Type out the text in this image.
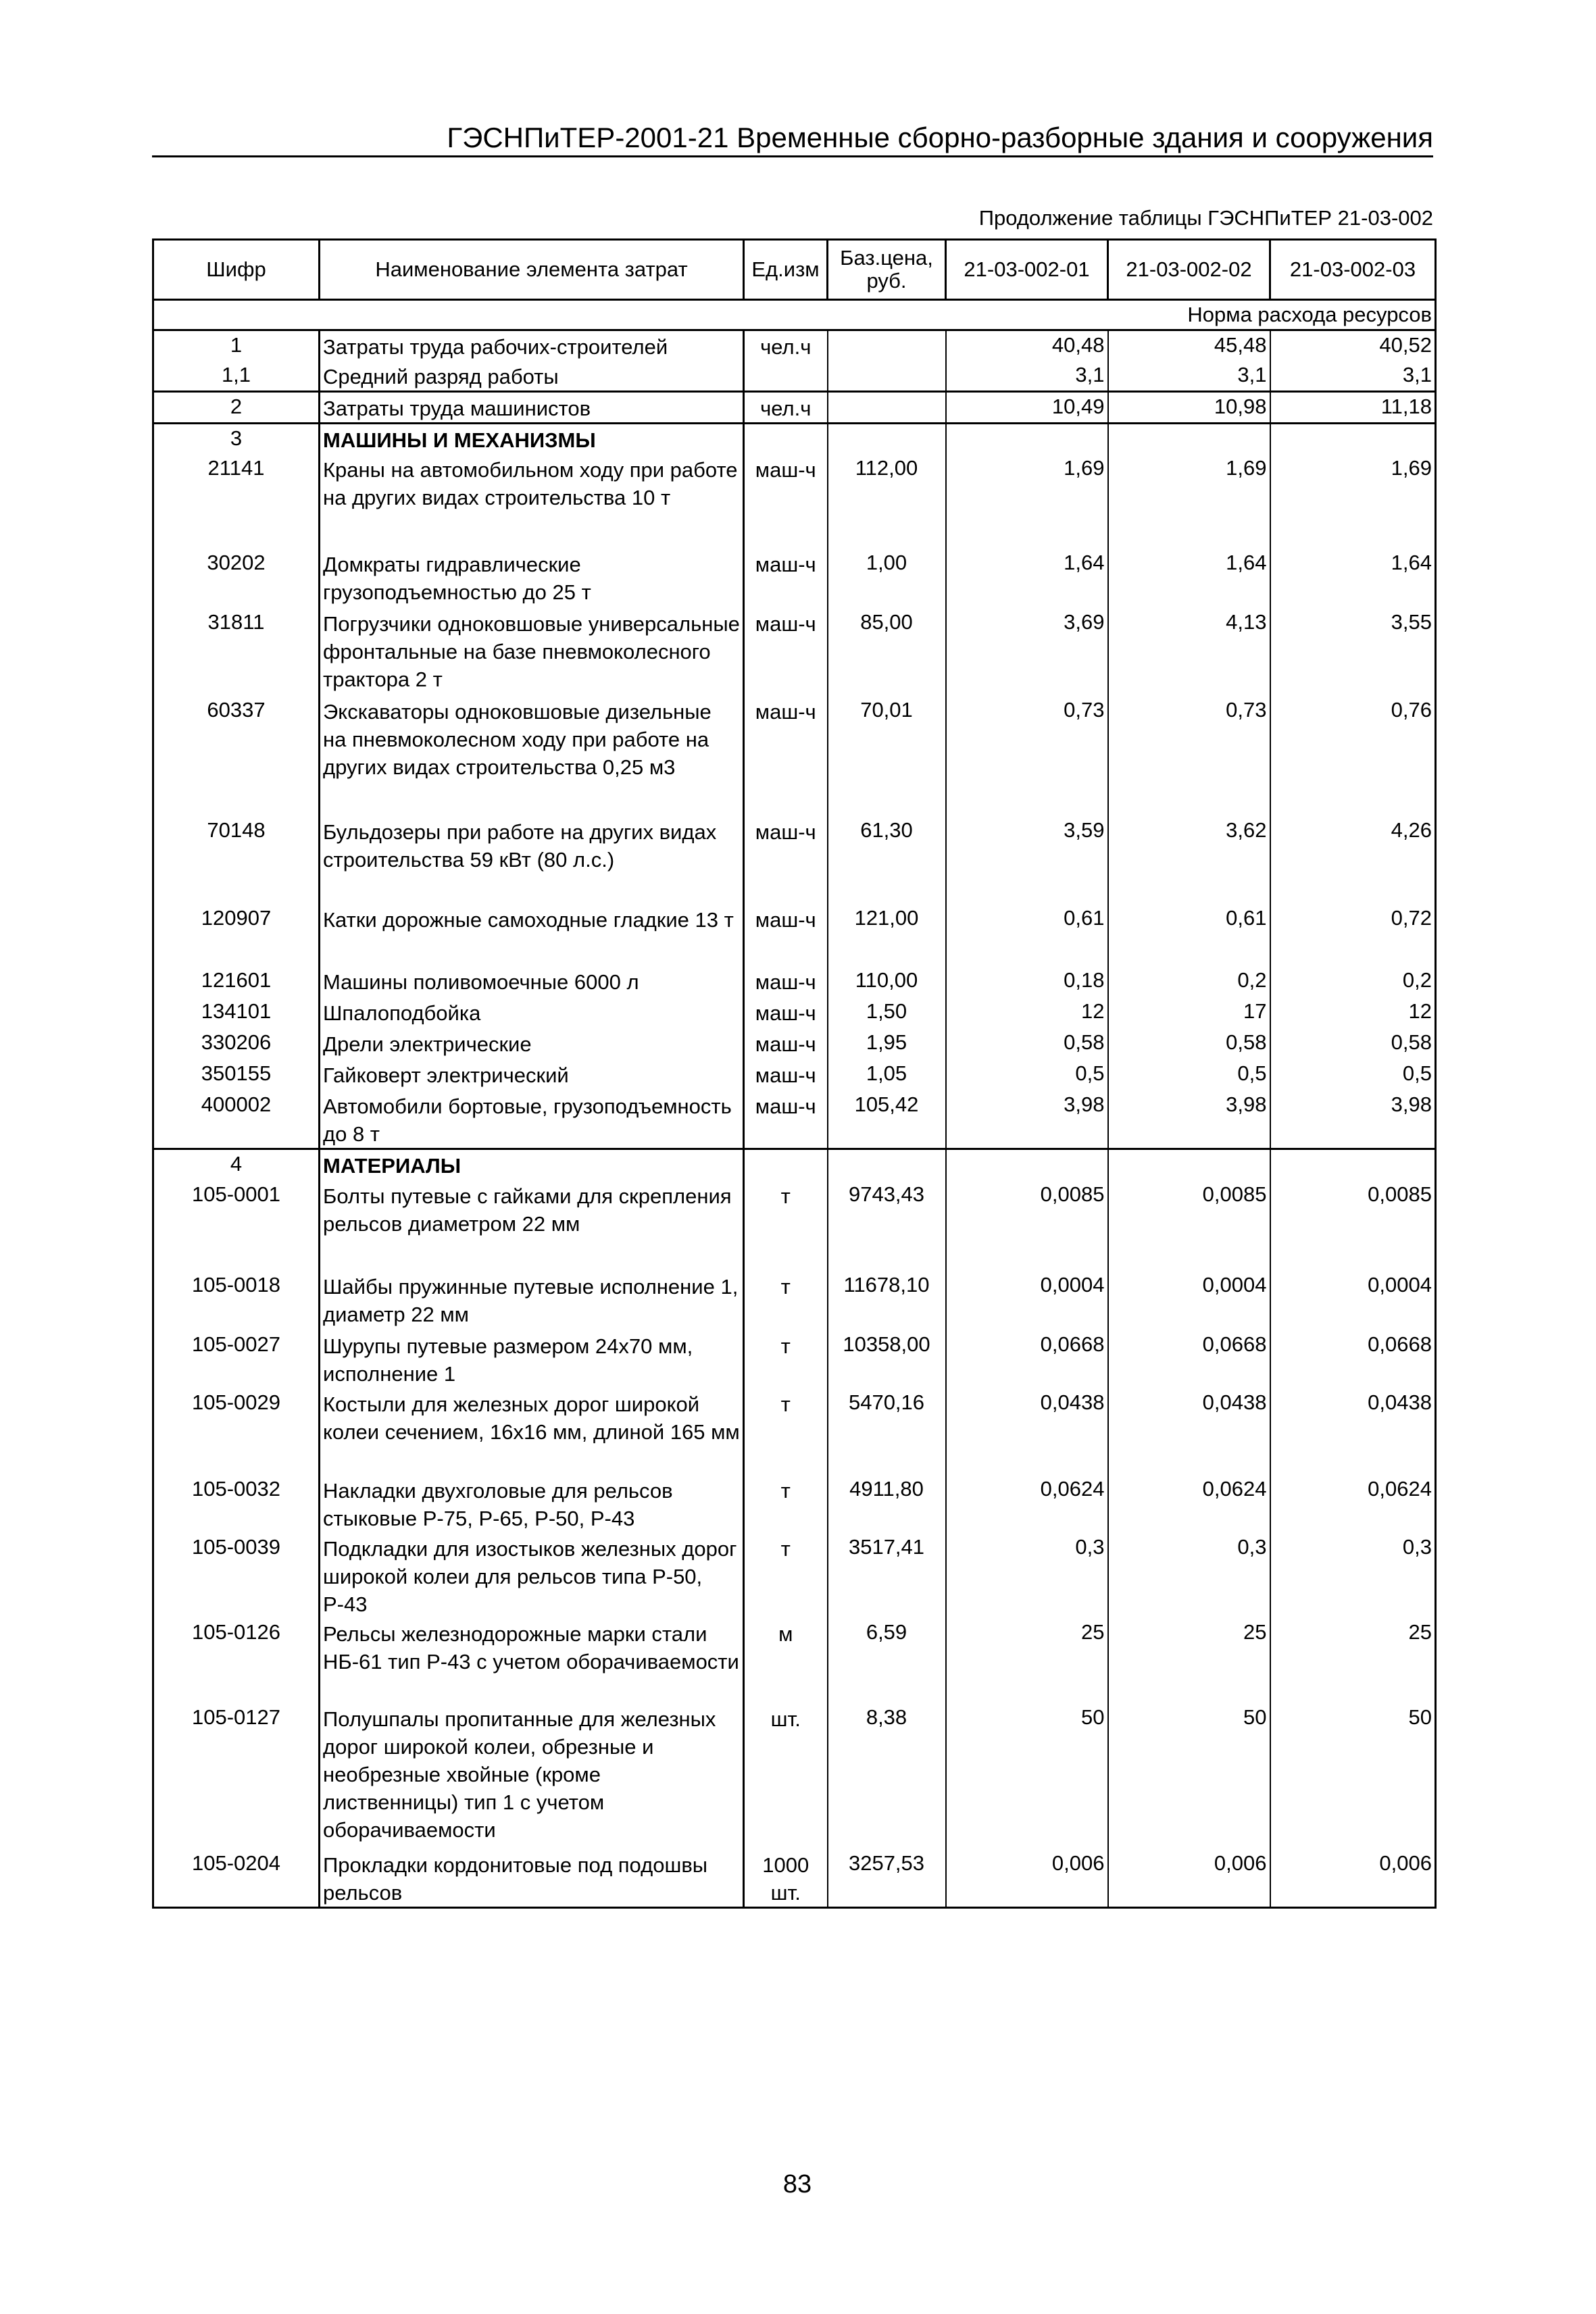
ГЭСНПиТЕР-2001-21 Временные сборно-разборные здания и сооружения
Продолжение таблицы ГЭСНПиТЕР 21-03-002
Шифр	Наименование элемента затрат	Ед.изм	Баз.цена, руб.	21-03-002-01	21-03-002-02	21-03-002-03
Норма расхода ресурсов						
1	Затраты труда рабочих-строителей	чел.ч		40,48	45,48	40,52
1,1	Средний разряд работы			3,1	3,1	3,1
2	Затраты труда машинистов	чел.ч		10,49	10,98	11,18
3	МАШИНЫ И МЕХАНИЗМЫ					
21141	Краны на автомобильном ходу при работе на других видах строительства 10 т	маш-ч	112,00	1,69	1,69	1,69
30202	Домкраты гидравлические грузоподъемностью до 25 т	маш-ч	1,00	1,64	1,64	1,64
31811	Погрузчики одноковшовые универсальные фронтальные на базе пневмоколесного трактора 2 т	маш-ч	85,00	3,69	4,13	3,55
60337	Экскаваторы одноковшовые дизельные на пневмоколесном ходу при работе на других видах строительства 0,25 м3	маш-ч	70,01	0,73	0,73	0,76
70148	Бульдозеры при работе на других видах строительства 59 кВт (80 л.с.)	маш-ч	61,30	3,59	3,62	4,26
120907	Катки дорожные самоходные гладкие 13 т	маш-ч	121,00	0,61	0,61	0,72
121601	Машины поливомоечные 6000 л	маш-ч	110,00	0,18	0,2	0,2
134101	Шпалоподбойка	маш-ч	1,50	12	17	12
330206	Дрели электрические	маш-ч	1,95	0,58	0,58	0,58
350155	Гайковерт электрический	маш-ч	1,05	0,5	0,5	0,5
400002	Автомобили бортовые, грузоподъемность до 8 т	маш-ч	105,42	3,98	3,98	3,98
4	МАТЕРИАЛЫ					
105-0001	Болты путевые с гайками для скрепления рельсов диаметром 22 мм	т	9743,43	0,0085	0,0085	0,0085
105-0018	Шайбы пружинные путевые исполнение 1, диаметр 22 мм	т	11678,10	0,0004	0,0004	0,0004
105-0027	Шурупы путевые размером 24х70 мм, исполнение 1	т	10358,00	0,0668	0,0668	0,0668
105-0029	Костыли для железных дорог широкой колеи сечением, 16х16 мм, длиной 165 мм	т	5470,16	0,0438	0,0438	0,0438
105-0032	Накладки двухголовые для рельсов стыковые Р-75, Р-65, Р-50, Р-43	т	4911,80	0,0624	0,0624	0,0624
105-0039	Подкладки для изостыков железных дорог широкой колеи для рельсов типа Р-50, Р-43	т	3517,41	0,3	0,3	0,3
105-0126	Рельсы железнодорожные марки стали НБ-61 тип Р-43 с учетом оборачиваемости	м	6,59	25	25	25
105-0127	Полушпалы пропитанные для железных дорог широкой колеи, обрезные и необрезные хвойные (кроме лиственницы) тип 1 с учетом оборачиваемости	шт.	8,38	50	50	50
105-0204	Прокладки кордонитовые под подошвы рельсов	1000 шт.	3257,53	0,006	0,006	0,006
83
